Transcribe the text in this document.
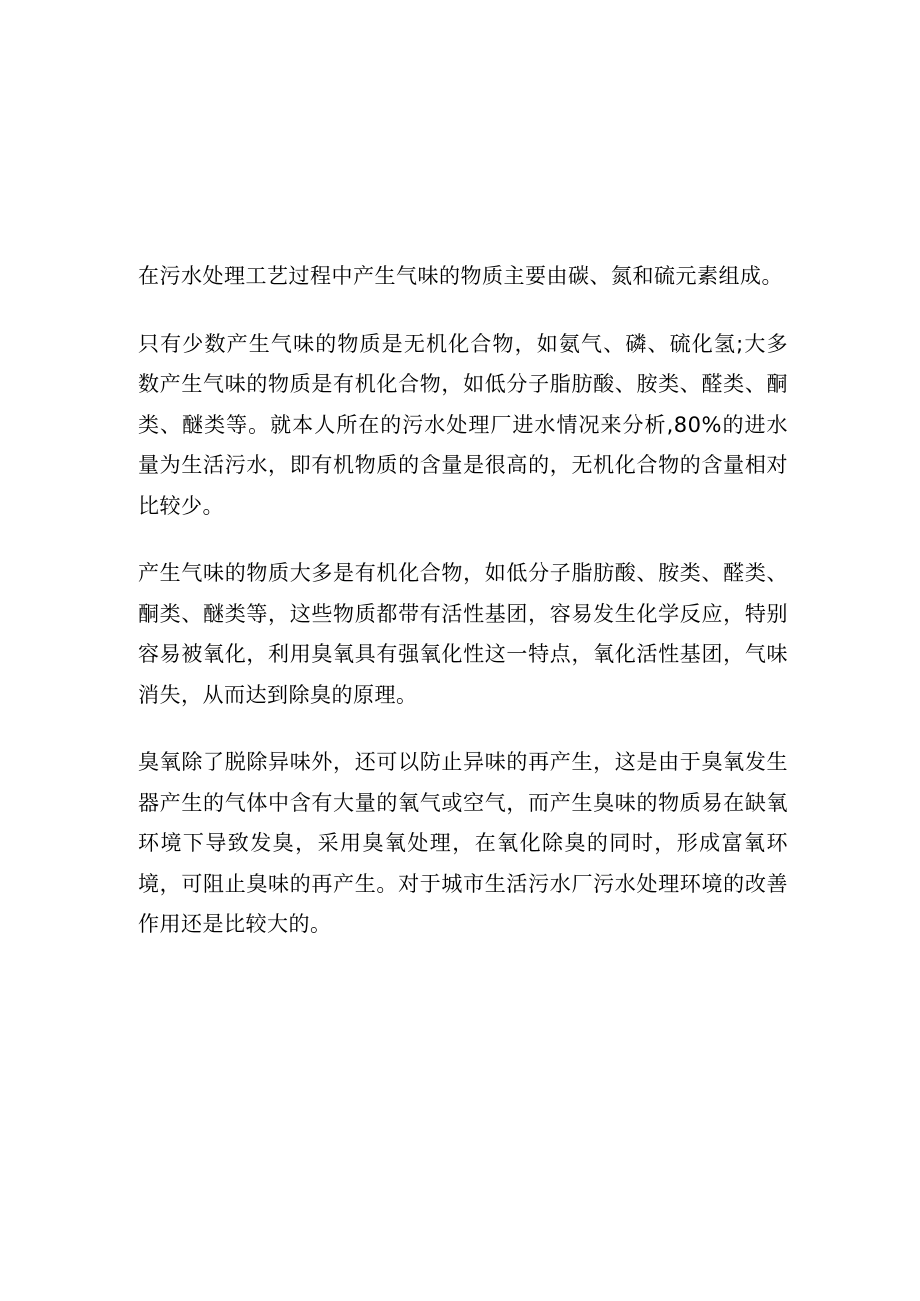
在污水处理工艺过程中产生气味的物质主要由碳、氮和硫元素组成。

只有少数产生气味的物质是无机化合物，如氨气、磷、硫化氢;大多数产生气味的物质是有机化合物，如低分子脂肪酸、胺类、醛类、酮类、醚类等。就本人所在的污水处理厂进水情况来分析,80%的进水量为生活污水，即有机物质的含量是很高的，无机化合物的含量相对比较少。

产生气味的物质大多是有机化合物，如低分子脂肪酸、胺类、醛类、酮类、醚类等，这些物质都带有活性基团，容易发生化学反应，特别容易被氧化，利用臭氧具有强氧化性这一特点，氧化活性基团，气味消失，从而达到除臭的原理。

臭氧除了脱除异味外，还可以防止异味的再产生，这是由于臭氧发生器产生的气体中含有大量的氧气或空气，而产生臭味的物质易在缺氧环境下导致发臭，采用臭氧处理，在氧化除臭的同时，形成富氧环境，可阻止臭味的再产生。对于城市生活污水厂污水处理环境的改善作用还是比较大的。
